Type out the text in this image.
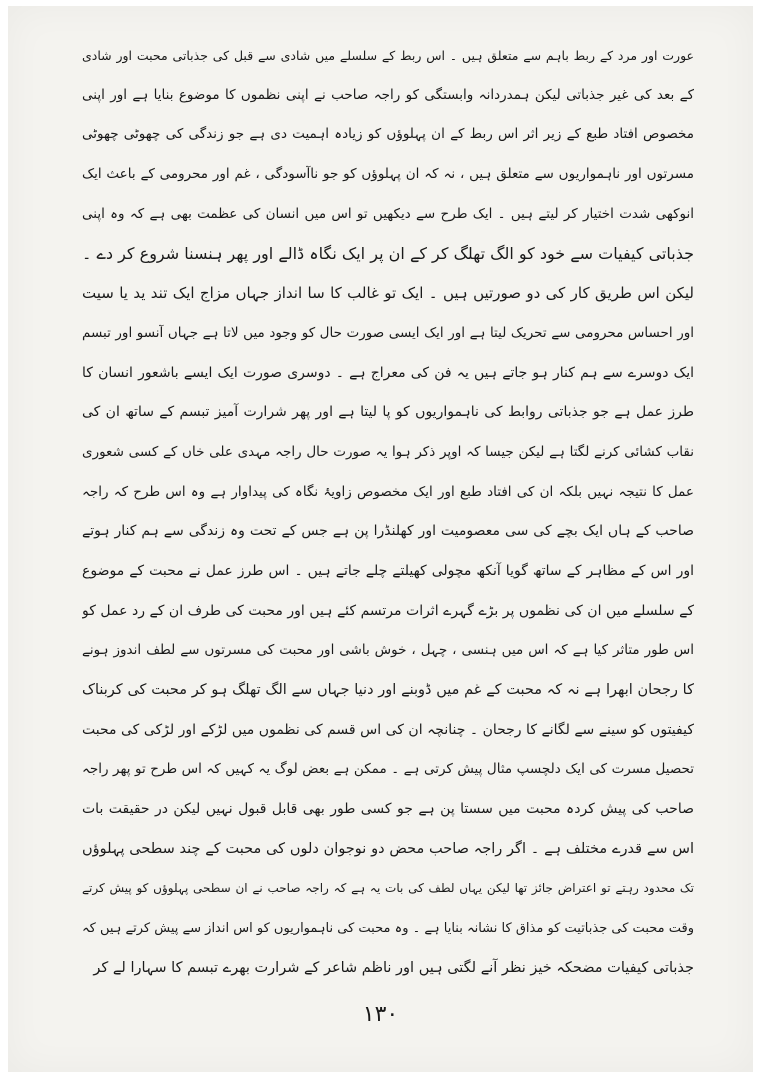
عورت اور مرد کے ربط باہم سے متعلق ہیں ۔ اس ربط کے سلسلے میں شادی سے قبل کی جذباتی محبت اور شادی
کے بعد کی غیر جذباتی لیکن ہمدردانہ وابستگی کو راجہ صاحب نے اپنی نظموں کا موضوع بنایا ہے اور اپنی
مخصوص افتاد طبع کے زیر اثر اس ربط کے ان پہلوؤں کو زیادہ اہمیت دی ہے جو زندگی کی چھوٹی چھوٹی
مسرتوں اور ناہمواریوں سے متعلق ہیں ، نہ کہ ان پہلوؤں کو جو ناآسودگی ، غم اور محرومی کے باعث ایک
انوکھی شدت اختیار کر لیتے ہیں ۔ ایک طرح سے دیکھیں تو اس میں انسان کی عظمت بھی ہے کہ وہ اپنی
جذباتی کیفیات سے خود کو الگ تھلگ کر کے ان پر ایک نگاہ ڈالے اور پھر ہنسنا شروع کر دے ۔
لیکن اس طریق کار کی دو صورتیں ہیں ۔ ایک تو غالب کا سا انداز جہاں مزاج ایک تند ید یا سیت
اور احساس محرومی سے تحریک لیتا ہے اور ایک ایسی صورت حال کو وجود میں لاتا ہے جہاں آنسو اور تبسم
ایک دوسرے سے ہم کنار ہو جاتے ہیں یہ فن کی معراج ہے ۔ دوسری صورت ایک ایسے باشعور انسان کا
طرز عمل ہے جو جذباتی روابط کی ناہمواریوں کو پا لیتا ہے اور پھر شرارت آمیز تبسم کے ساتھ ان کی
نقاب کشائی کرنے لگتا ہے لیکن جیسا کہ اوپر ذکر ہوا یہ صورت حال راجہ مہدی علی خاں کے کسی شعوری
عمل کا نتیجہ نہیں بلکہ ان کی افتاد طبع اور ایک مخصوص زاویۂ نگاہ کی پیداوار ہے وہ اس طرح کہ راجہ
صاحب کے ہاں ایک بچے کی سی معصومیت اور کھلنڈرا پن ہے جس کے تحت وہ زندگی سے ہم کنار ہوتے
اور اس کے مظاہر کے ساتھ گویا آنکھ مچولی کھیلتے چلے جاتے ہیں ۔ اس طرز عمل نے محبت کے موضوع
کے سلسلے میں ان کی نظموں پر بڑے گہرے اثرات مرتسم کئے ہیں اور محبت کی طرف ان کے رد عمل کو
اس طور متاثر کیا ہے کہ اس میں ہنسی ، چہل ، خوش باشی اور محبت کی مسرتوں سے لطف اندوز ہونے
کا رجحان ابھرا ہے نہ کہ محبت کے غم میں ڈوبنے اور دنیا جہاں سے الگ تھلگ ہو کر محبت کی کربناک
کیفیتوں کو سینے سے لگانے کا رجحان ۔ چنانچہ ان کی اس قسم کی نظموں میں لڑکے اور لڑکی کی محبت
تحصیل مسرت کی ایک دلچسپ مثال پیش کرتی ہے ۔ ممکن ہے بعض لوگ یہ کہیں کہ اس طرح تو پھر راجہ
صاحب کی پیش کردہ محبت میں سستا پن ہے جو کسی طور بھی قابل قبول نہیں لیکن در حقیقت بات
اس سے قدرے مختلف ہے ۔ اگر راجہ صاحب محض دو نوجوان دلوں کی محبت کے چند سطحی پہلوؤں
تک محدود رہتے تو اعتراض جائز تھا لیکن یہاں لطف کی بات یہ ہے کہ راجہ صاحب نے ان سطحی پہلوؤں کو پیش کرتے
وقت محبت کی جذباتیت کو مذاق کا نشانہ بنایا ہے ۔ وہ محبت کی ناہمواریوں کو اس انداز سے پیش کرتے ہیں کہ
جذباتی کیفیات مضحکہ خیز نظر آنے لگتی ہیں اور ناظم شاعر کے شرارت بھرے تبسم کا سہارا لے کر
۱۳۰
